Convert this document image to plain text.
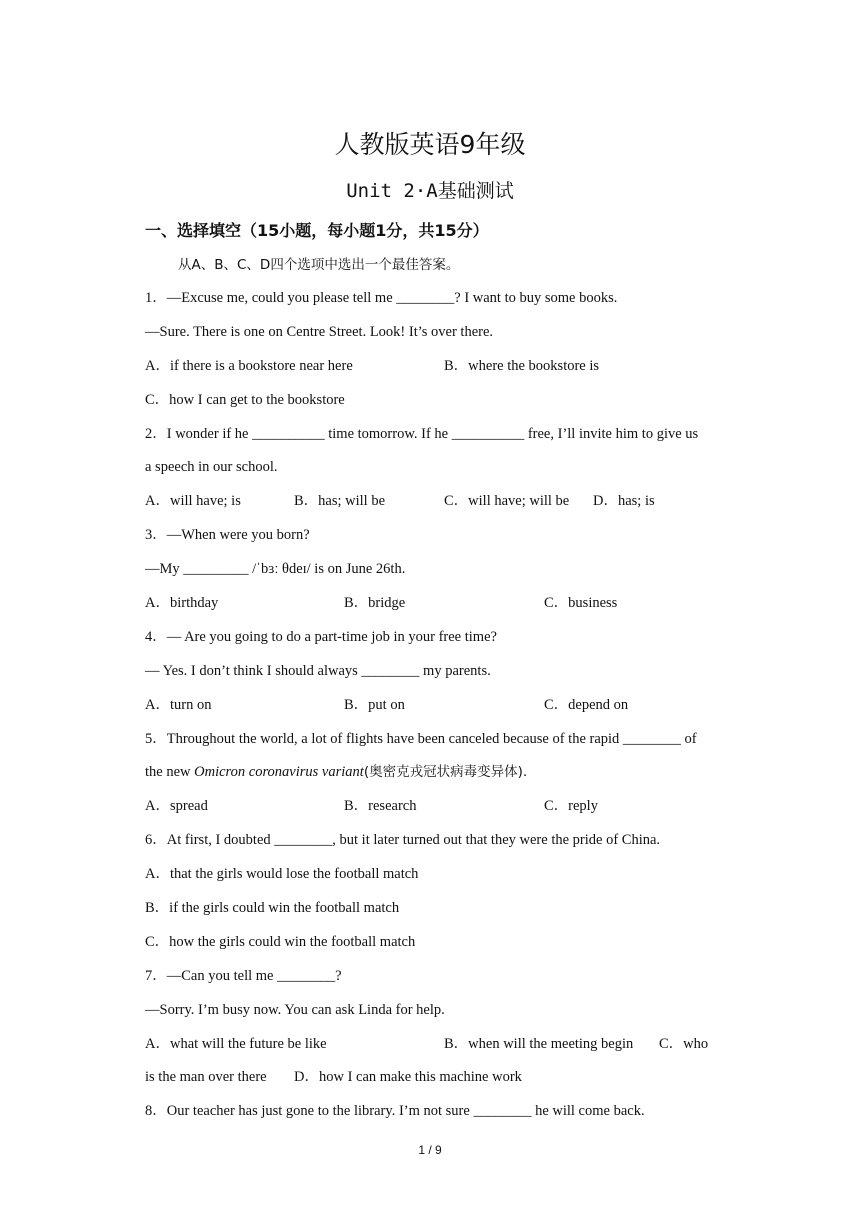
人教版英语9年级
Unit 2·A基础测试
一、选择填空（15小题，每小题1分，共15分）
从A、B、C、D四个选项中选出一个最佳答案。
1．—Excuse me, could you please tell me ________? I want to buy some books.
—Sure. There is one on Centre Street. Look! It’s over there.
A．if there is a bookstore near here	B．where the bookstore is
C．how I can get to the bookstore
2．I wonder if he __________ time tomorrow. If he __________ free, I’ll invite him to give us
a speech in our school.
A．will have; is	B．has; will be	C．will have; will be D．has; is
3．—When were you born?
—My _________ /ˈbɜː θdeɪ/ is on June 26th.
A．birthday	B．bridge	C．business
4．— Are you going to do a part-time job in your free time?
— Yes. I don’t think I should always ________ my parents.
A．turn on	B．put on	C．depend on
5．Throughout the world, a lot of flights have been canceled because of the rapid ________ of
the new Omicron coronavirus variant(奥密克戎冠状病毒变异体).
A．spread	B．research	C．reply
6．At first, I doubted ________, but it later turned out that they were the pride of China.
A．that the girls would lose the football match
B．if the girls could win the football match
C．how the girls could win the football match
7．—Can you tell me ________?
—Sorry. I’m busy now. You can ask Linda for help.
A．what will the future be like	B．when will the meeting begin C．who
is the man over there D．how I can make this machine work
8．Our teacher has just gone to the library. I’m not sure ________ he will come back.
1 / 9
